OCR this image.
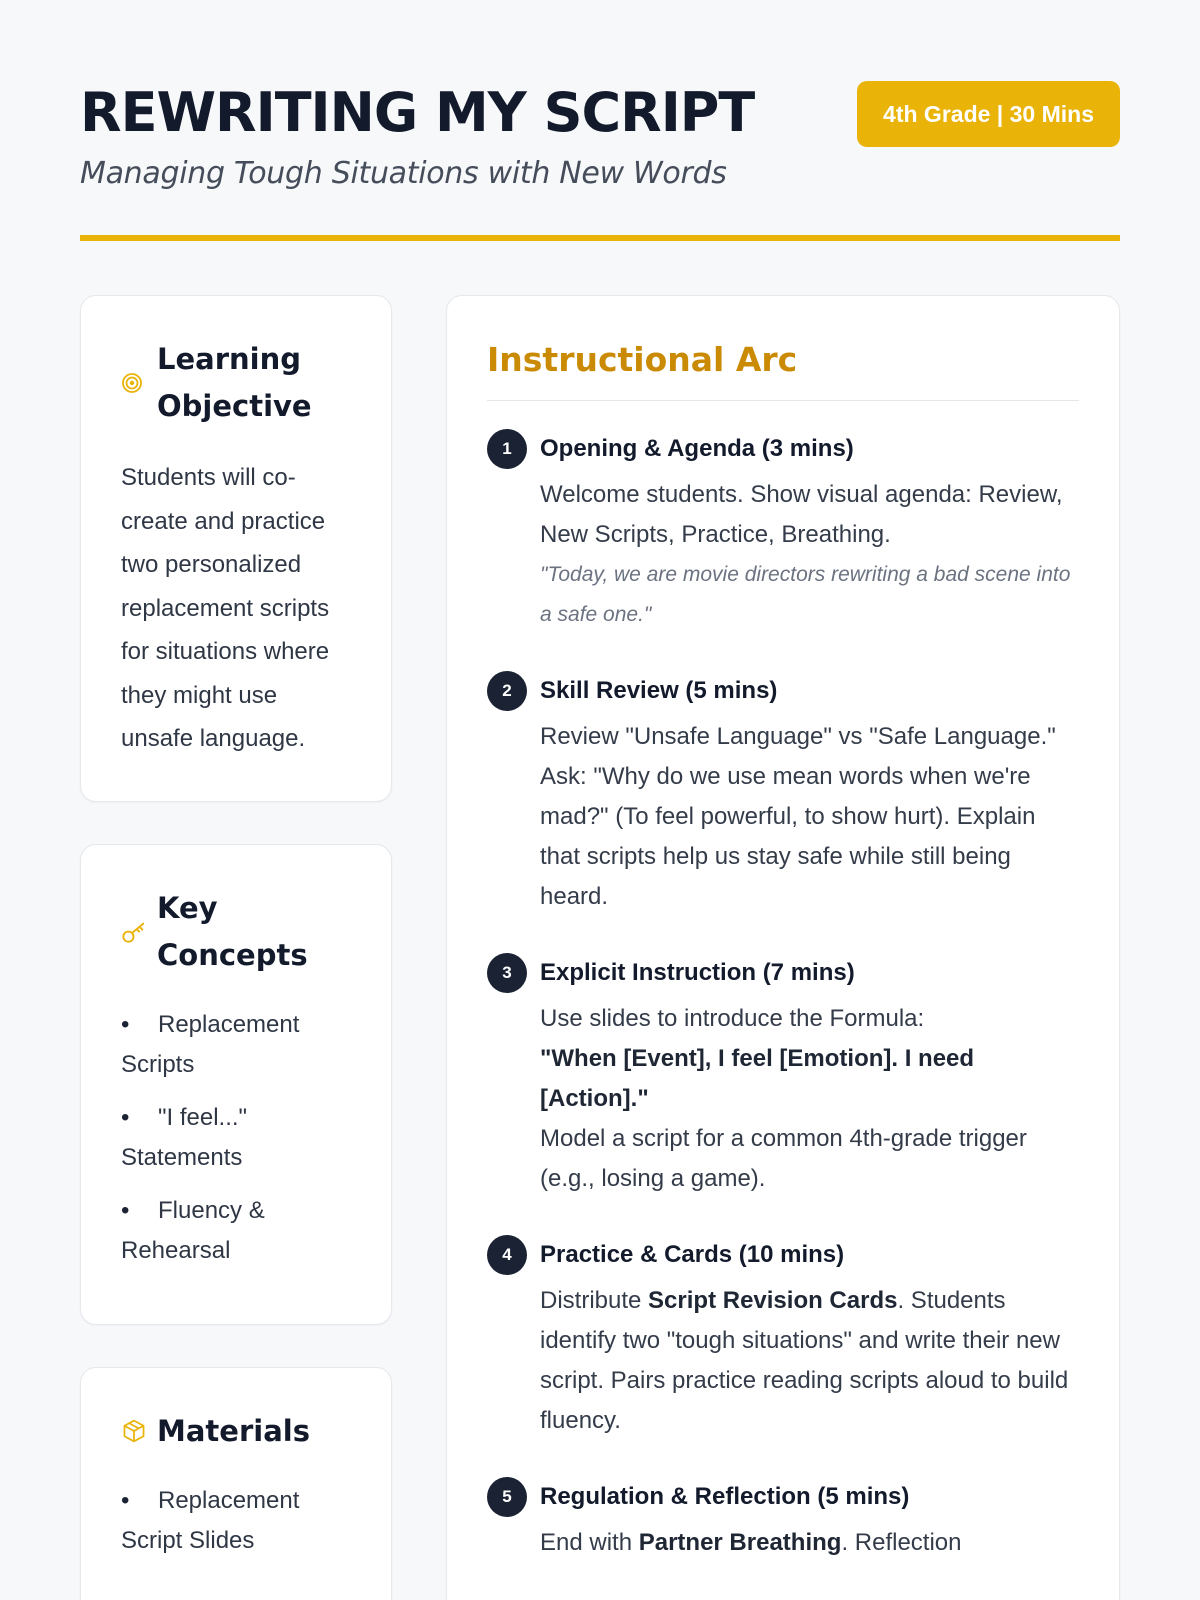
REWRITING MY SCRIPT
Managing Tough Situations with New Words
4th Grade | 30 Mins
Learning Objective
Students will co-create and practice two personalized replacement scripts for situations where they might use unsafe language.
Key Concepts
• Replacement Scripts
• "I feel..." Statements
• Fluency & Rehearsal
Materials
• Replacement Script Slides
Instructional Arc
1	Opening & Agenda (3 mins)
Welcome students. Show visual agenda: Review, New Scripts, Practice, Breathing.
"Today, we are movie directors rewriting a bad scene into a safe one."
2	Skill Review (5 mins)
Review "Unsafe Language" vs "Safe Language." Ask: "Why do we use mean words when we're mad?" (To feel powerful, to show hurt). Explain that scripts help us stay safe while still being heard.
3	Explicit Instruction (7 mins)
Use slides to introduce the Formula:
"When [Event], I feel [Emotion]. I need [Action]."
Model a script for a common 4th-grade trigger (e.g., losing a game).
4	Practice & Cards (10 mins)
Distribute Script Revision Cards. Students identify two "tough situations" and write their new script. Pairs practice reading scripts aloud to build fluency.
5	Regulation & Reflection (5 mins)
End with Partner Breathing. Reflection
